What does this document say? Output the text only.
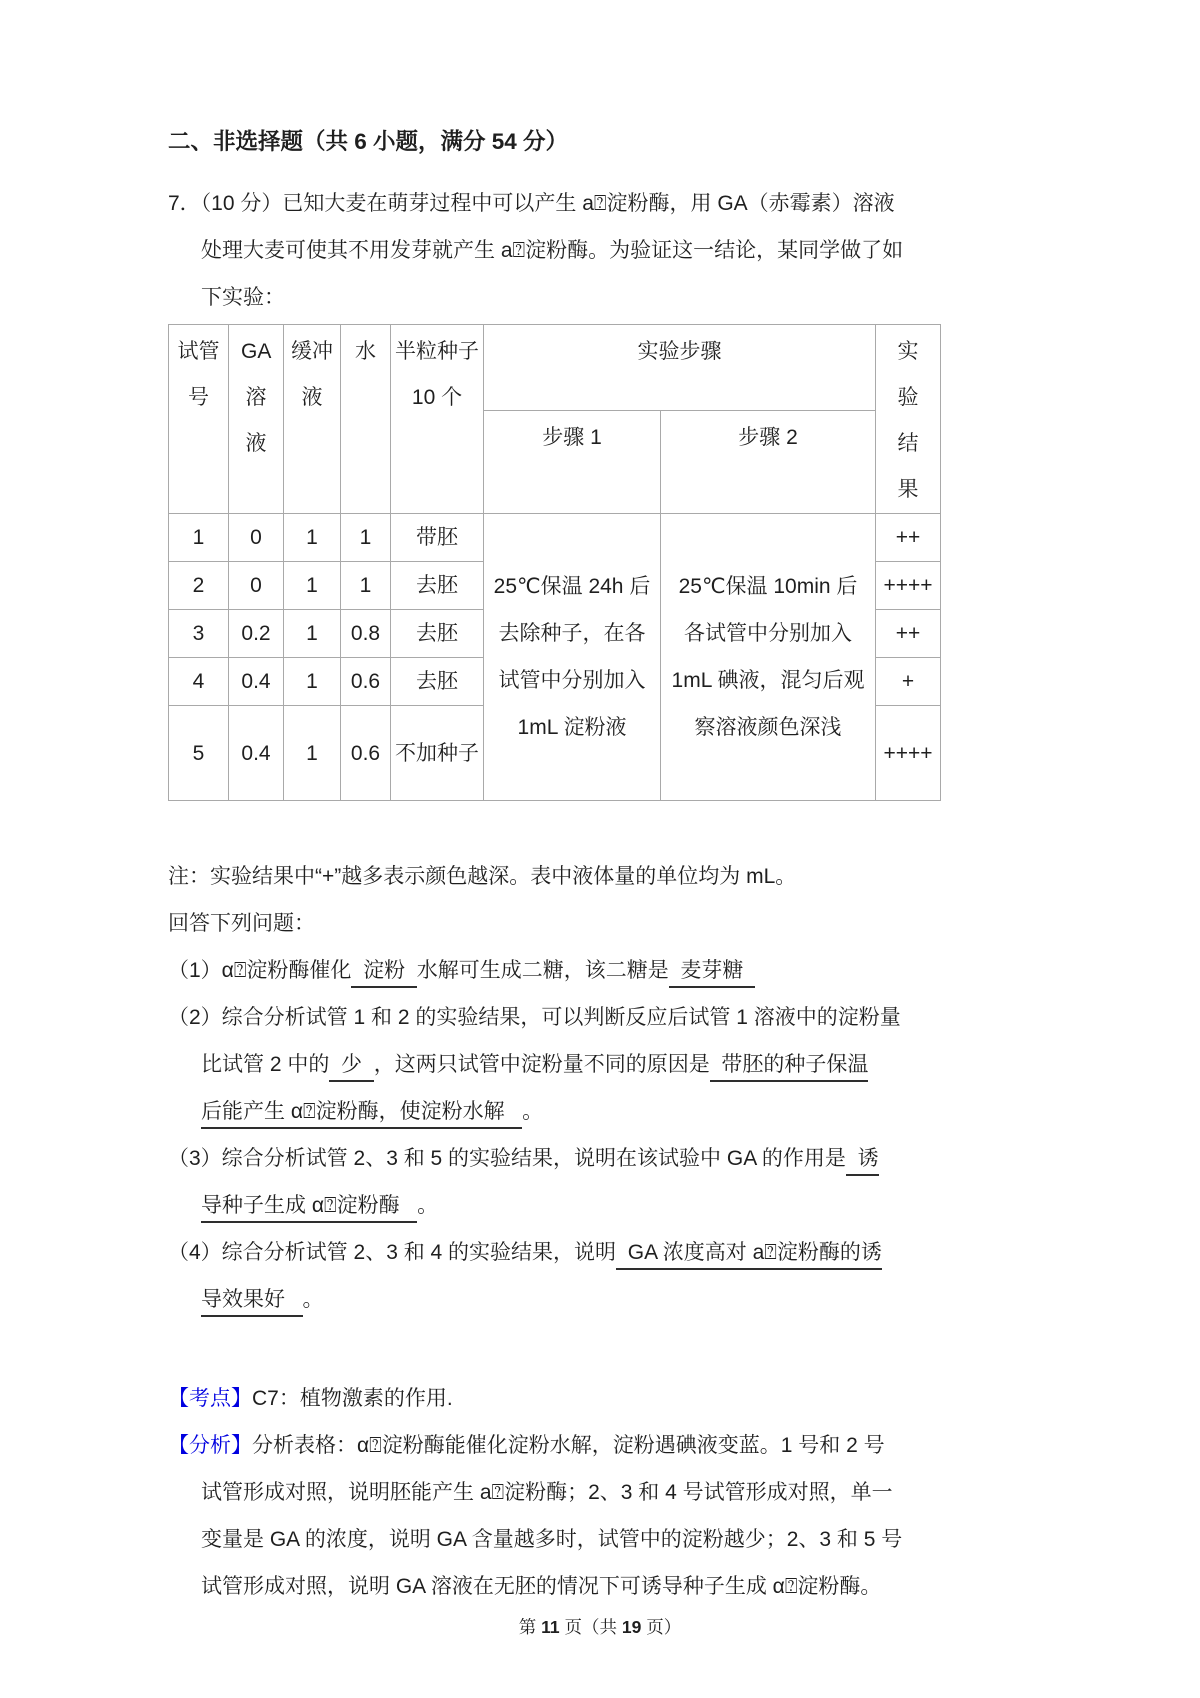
二、非选择题（共 6 小题，满分 54 分）
7．（10 分）已知大麦在萌芽过程中可以产生 a⍰淀粉酶，用 GA（赤霉素）溶液
处理大麦可使其不用发芽就产生 a⍰淀粉酶。为验证这一结论，某同学做了如
下实验：
试管号	GA溶液	缓冲液	水	半粒种子 10 个	实验步骤		实验结果
					步骤 1	步骤 2	
1	0	1	1	带胚	25℃保温 24h 后去除种子，在各试管中分别加入 1mL 淀粉液	25℃保温 10min 后各试管中分别加入 1mL 碘液，混匀后观察溶液颜色深浅	++
2	0	1	1	去胚			++++
3	0.2	1	0.8	去胚			++
4	0.4	1	0.6	去胚			+
5	0.4	1	0.6	不加种子			++++
注：实验结果中“+”越多表示颜色越深。表中液体量的单位均为 mL。
回答下列问题：
（1）α⍰淀粉酶催化  淀粉  水解可生成二糖，该二糖是  麦芽糖
（2）综合分析试管 1 和 2 的实验结果，可以判断反应后试管 1 溶液中的淀粉量
比试管 2 中的  少  ，这两只试管中淀粉量不同的原因是  带胚的种子保温
后能产生 α⍰淀粉酶，使淀粉水解   。
（3）综合分析试管 2、3 和 5 的实验结果，说明在该试验中 GA 的作用是  诱
导种子生成 α⍰淀粉酶   。
（4）综合分析试管 2、3 和 4 的实验结果，说明  GA 浓度高对 a⍰淀粉酶的诱
导效果好   。
【考点】C7：植物激素的作用.
【分析】分析表格：α⍰淀粉酶能催化淀粉水解，淀粉遇碘液变蓝。1 号和 2 号
试管形成对照，说明胚能产生 a⍰淀粉酶；2、3 和 4 号试管形成对照，单一
变量是 GA 的浓度，说明 GA 含量越多时，试管中的淀粉越少；2、3 和 5 号
试管形成对照，说明 GA 溶液在无胚的情况下可诱导种子生成 α⍰淀粉酶。
第 11 页（共 19 页）
